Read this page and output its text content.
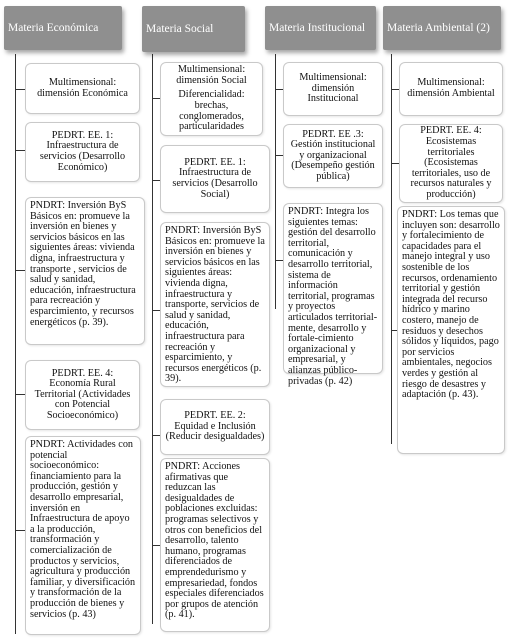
Materia Económica	Materia Social	Materia Institucional	Materia Ambiental (2)
Multimensional: dimensión Económica
PEDRT. EE. 1:
Infraestructura de servicios (Desarrollo Económico)
PNDRT: Inversión ByS Básicos en: promueve la inversión en bienes y servicios básicos en las siguientes áreas: vivienda digna, infraestructura y transporte , servicios de salud y sanidad, educación, infraestructura para recreación y esparcimiento, y recursos energéticos (p. 39).
PEDRT. EE. 4:
Economía Rural Territorial (Actividades con Potencial Socioeconómico)
PNDRT: Actividades con potencial socioeconómico: financiamiento para la producción, gestión y desarrollo empresarial, inversión en Infraestructura de apoyo a la producción, transformación y comercialización de productos y servicios, agricultura y producción familiar, y diversificación y transformación de la producción de bienes y servicios (p. 43)
Multimensional: dimensión Social
Diferencialidad: brechas, conglomerados, particularidades
PEDRT. EE. 1:
Infraestructura de servicios (Desarrollo Social)
PNDRT: Inversión ByS Básicos en: promueve la inversión en bienes y servicios básicos en las siguientes áreas: vivienda digna, infraestructura y transporte, servicios de salud y sanidad, educación, infraestructura para recreación y esparcimiento, y recursos energéticos (p. 39).
PEDRT. EE. 2:
Equidad e Inclusión (Reducir desigualdades)
PNDRT: Acciones afirmativas que reduzcan las desigualdades de poblaciones excluidas: programas selectivos y otros con beneficios del desarrollo, talento humano, programas diferenciados de emprendedurismo y empresariedad, fondos especiales diferenciados por grupos de atención (p. 41).
Multimensional: dimensión Institucional
PEDRT. EE .3:
Gestión institucional y organizacional (Desempeño gestión pública)
PNDRT: Integra los siguientes temas: gestión del desarrollo territorial, comunicación y desarrollo territorial, sistema de información territorial, programas y proyectos articulados territorial-mente, desarrollo y fortale-cimiento organizacional y empresarial, y alianzas público-privadas (p. 42)
Multimensional: dimensión Ambiental
PEDRT. EE. 4:
Ecosistemas territoriales (Ecosistemas territoriales, uso de recursos naturales y producción)
PNDRT: Los temas que incluyen son: desarrollo y fortalecimiento de capacidades para el manejo integral y uso sostenible de los recursos, ordenamiento territorial y gestión integrada del recurso hídrico y marino costero, manejo de residuos y desechos sólidos y líquidos, pago por servicios ambientales, negocios verdes y gestión al riesgo de desastres y adaptación (p. 43).
